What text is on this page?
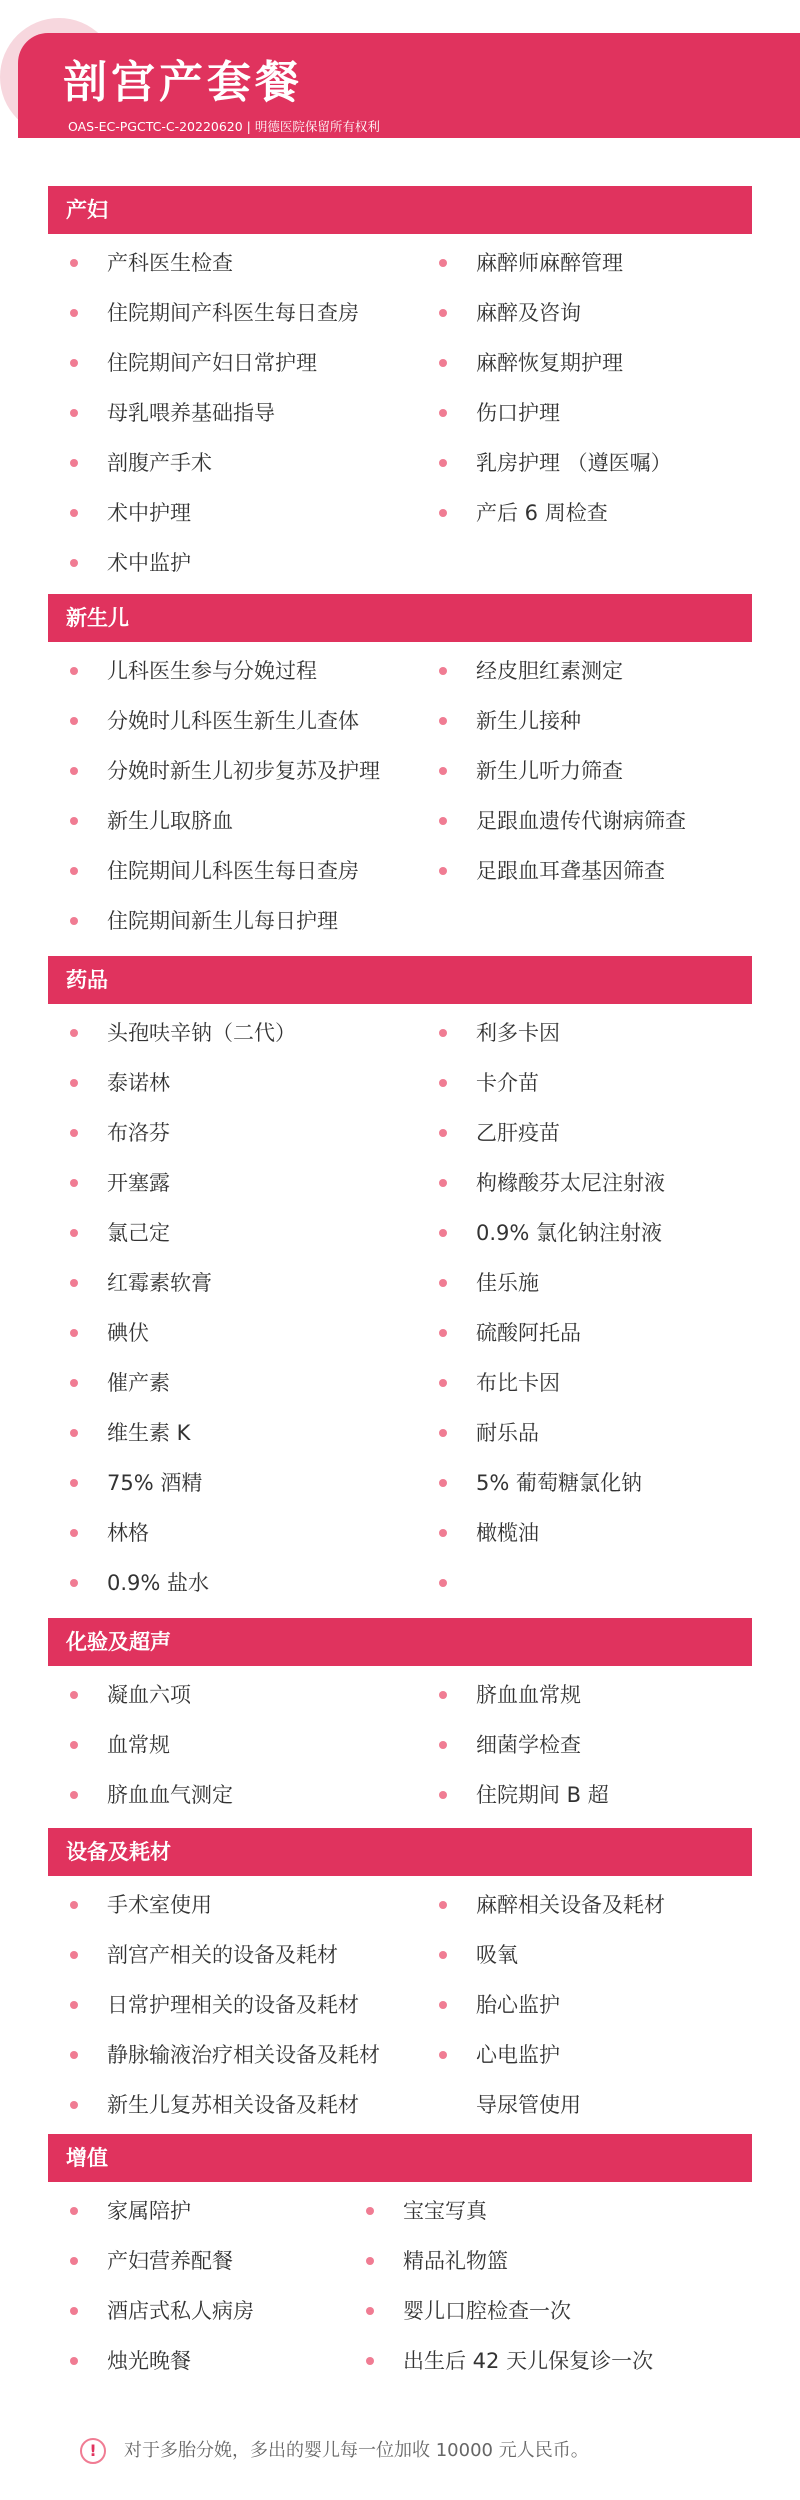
剖宫产套餐
OAS-EC-PGCTC-C-20220620 | 明德医院保留所有权利
产妇
产科医生检查	麻醉师麻醉管理
住院期间产科医生每日查房	麻醉及咨询
住院期间产妇日常护理	麻醉恢复期护理
母乳喂养基础指导	伤口护理
剖腹产手术	乳房护理 （遵医嘱）
术中护理	产后 6 周检查
术中监护
新生儿
儿科医生参与分娩过程	经皮胆红素测定
分娩时儿科医生新生儿查体	新生儿接种
分娩时新生儿初步复苏及护理	新生儿听力筛查
新生儿取脐血	足跟血遗传代谢病筛查
住院期间儿科医生每日查房	足跟血耳聋基因筛查
住院期间新生儿每日护理
药品
头孢呋辛钠（二代）	利多卡因
泰诺林	卡介苗
布洛芬	乙肝疫苗
开塞露	枸橼酸芬太尼注射液
氯己定	0.9% 氯化钠注射液
红霉素软膏	佳乐施
碘伏	硫酸阿托品
催产素	布比卡因
维生素 K	耐乐品
75% 酒精	5% 葡萄糖氯化钠
林格	橄榄油
0.9% 盐水
化验及超声
凝血六项	脐血血常规
血常规	细菌学检查
脐血血气测定	住院期间 B 超
设备及耗材
手术室使用	麻醉相关设备及耗材
剖宫产相关的设备及耗材	吸氧
日常护理相关的设备及耗材	胎心监护
静脉输液治疗相关设备及耗材	心电监护
新生儿复苏相关设备及耗材	导尿管使用
增值
家属陪护	宝宝写真
产妇营养配餐	精品礼物篮
酒店式私人病房	婴儿口腔检查一次
烛光晚餐	出生后 42 天儿保复诊一次
!	对于多胎分娩，多出的婴儿每一位加收 10000 元人民币。
